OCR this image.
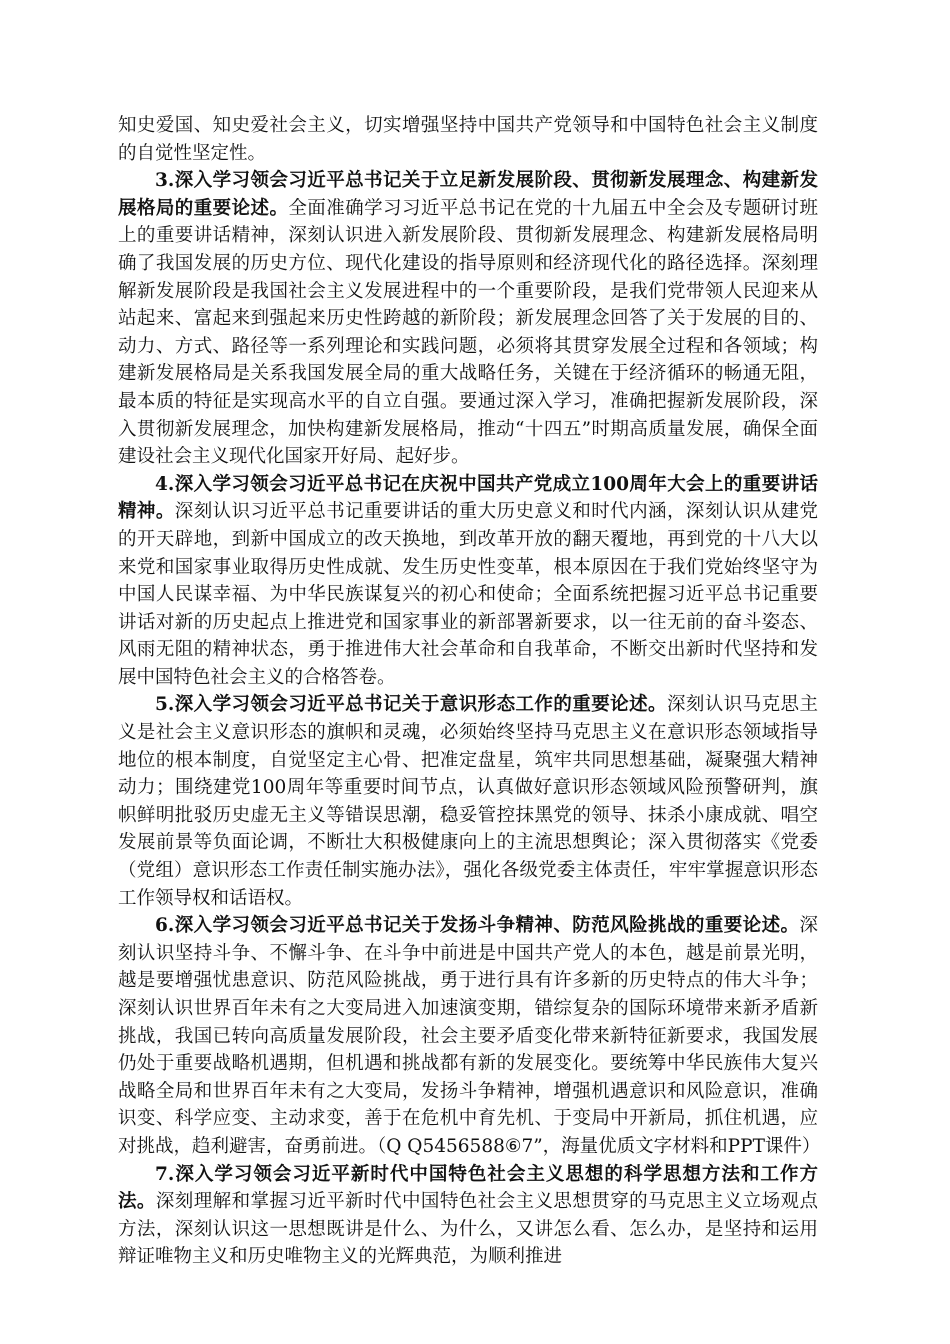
知史爱国、知史爱社会主义，切实增强坚持中国共产党领导和中国特色社会主义制度的自觉性坚定性。

3.深入学习领会习近平总书记关于立足新发展阶段、贯彻新发展理念、构建新发展格局的重要论述。全面准确学习习近平总书记在党的十九届五中全会及专题研讨班上的重要讲话精神，深刻认识进入新发展阶段、贯彻新发展理念、构建新发展格局明确了我国发展的历史方位、现代化建设的指导原则和经济现代化的路径选择。深刻理解新发展阶段是我国社会主义发展进程中的一个重要阶段，是我们党带领人民迎来从站起来、富起来到强起来历史性跨越的新阶段；新发展理念回答了关于发展的目的、动力、方式、路径等一系列理论和实践问题，必须将其贯穿发展全过程和各领域；构建新发展格局是关系我国发展全局的重大战略任务，关键在于经济循环的畅通无阻，最本质的特征是实现高水平的自立自强。要通过深入学习，准确把握新发展阶段，深入贯彻新发展理念，加快构建新发展格局，推动“十四五”时期高质量发展，确保全面建设社会主义现代化国家开好局、起好步。

4.深入学习领会习近平总书记在庆祝中国共产党成立100周年大会上的重要讲话精神。深刻认识习近平总书记重要讲话的重大历史意义和时代内涵，深刻认识从建党的开天辟地，到新中国成立的改天换地，到改革开放的翻天覆地，再到党的十八大以来党和国家事业取得历史性成就、发生历史性变革，根本原因在于我们党始终坚守为中国人民谋幸福、为中华民族谋复兴的初心和使命；全面系统把握习近平总书记重要讲话对新的历史起点上推进党和国家事业的新部署新要求，以一往无前的奋斗姿态、风雨无阻的精神状态，勇于推进伟大社会革命和自我革命，不断交出新时代坚持和发展中国特色社会主义的合格答卷。

5.深入学习领会习近平总书记关于意识形态工作的重要论述。深刻认识马克思主义是社会主义意识形态的旗帜和灵魂，必须始终坚持马克思主义在意识形态领域指导地位的根本制度，自觉坚定主心骨、把准定盘星，筑牢共同思想基础，凝聚强大精神动力；围绕建党100周年等重要时间节点，认真做好意识形态领域风险预警研判，旗帜鲜明批驳历史虚无主义等错误思潮，稳妥管控抹黑党的领导、抹杀小康成就、唱空发展前景等负面论调，不断壮大积极健康向上的主流思想舆论；深入贯彻落实《党委（党组）意识形态工作责任制实施办法》，强化各级党委主体责任，牢牢掌握意识形态工作领导权和话语权。

6.深入学习领会习近平总书记关于发扬斗争精神、防范风险挑战的重要论述。深刻认识坚持斗争、不懈斗争、在斗争中前进是中国共产党人的本色，越是前景光明，越是要增强忧患意识、防范风险挑战，勇于进行具有许多新的历史特点的伟大斗争；深刻认识世界百年未有之大变局进入加速演变期，错综复杂的国际环境带来新矛盾新挑战，我国已转向高质量发展阶段，社会主要矛盾变化带来新特征新要求，我国发展仍处于重要战略机遇期，但机遇和挑战都有新的发展变化。要统筹中华民族伟大复兴战略全局和世界百年未有之大变局，发扬斗争精神，增强机遇意识和风险意识，准确识变、科学应变、主动求变，善于在危机中育先机、于变局中开新局，抓住机遇，应对挑战，趋利避害，奋勇前进。（Q Q5456588⑥7”，海量优质文字材料和PPT课件）

7.深入学习领会习近平新时代中国特色社会主义思想的科学思想方法和工作方法。深刻理解和掌握习近平新时代中国特色社会主义思想贯穿的马克思主义立场观点方法，深刻认识这一思想既讲是什么、为什么，又讲怎么看、怎么办，是坚持和运用辩证唯物主义和历史唯物主义的光辉典范，为顺利推进
